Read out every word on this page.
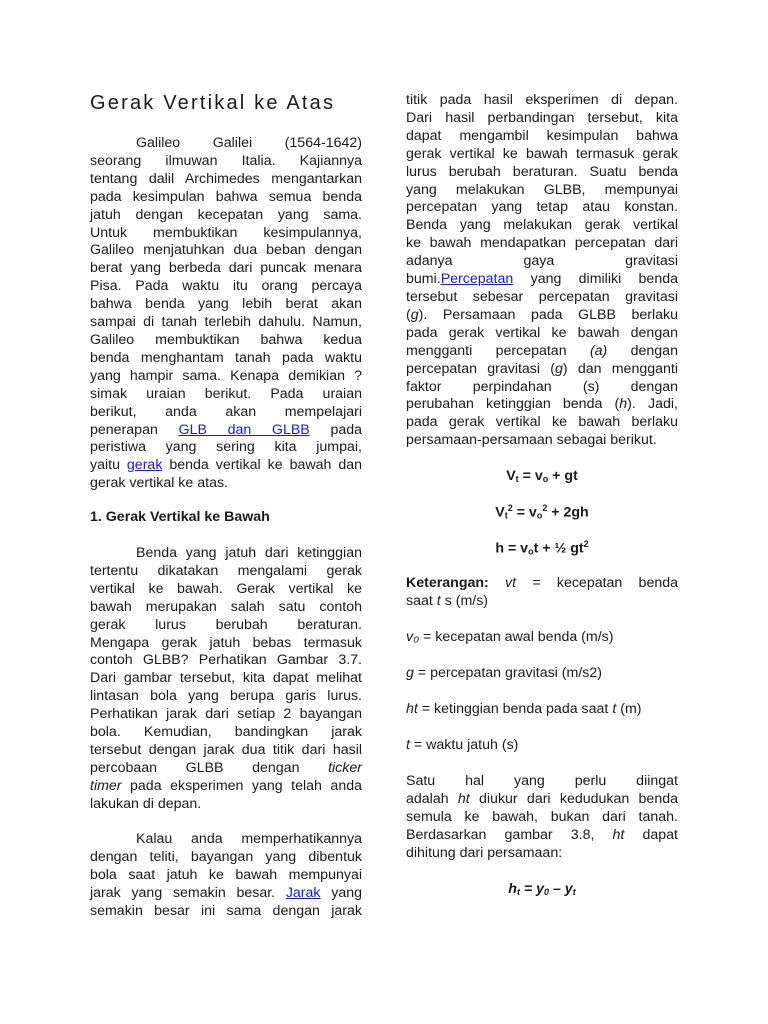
Gerak Vertikal ke Atas
Galileo Galilei (1564-1642)
seorang ilmuwan Italia. Kajiannya
tentang dalil Archimedes mengantarkan
pada kesimpulan bahwa semua benda
jatuh dengan kecepatan yang sama.
Untuk membuktikan kesimpulannya,
Galileo menjatuhkan dua beban dengan
berat yang berbeda dari puncak menara
Pisa. Pada waktu itu orang percaya
bahwa benda yang lebih berat akan
sampai di tanah terlebih dahulu. Namun,
Galileo membuktikan bahwa kedua
benda menghantam tanah pada waktu
yang hampir sama. Kenapa demikian ?
simak uraian berikut. Pada uraian
berikut, anda akan mempelajari
penerapan GLB dan GLBB pada
peristiwa yang sering kita jumpai,
yaitu gerak benda vertikal ke bawah dan
gerak vertikal ke atas.
1. Gerak Vertikal ke Bawah
Benda yang jatuh dari ketinggian
tertentu dikatakan mengalami gerak
vertikal ke bawah. Gerak vertikal ke
bawah merupakan salah satu contoh
gerak lurus berubah beraturan.
Mengapa gerak jatuh bebas termasuk
contoh GLBB? Perhatikan Gambar 3.7.
Dari gambar tersebut, kita dapat melihat
lintasan bola yang berupa garis lurus.
Perhatikan jarak dari setiap 2 bayangan
bola. Kemudian, bandingkan jarak
tersebut dengan jarak dua titik dari hasil
percobaan GLBB dengan ticker
timer pada eksperimen yang telah anda
lakukan di depan.
Kalau anda memperhatikannya
dengan teliti, bayangan yang dibentuk
bola saat jatuh ke bawah mempunyai
jarak yang semakin besar. Jarak yang
semakin besar ini sama dengan jarak
titik pada hasil eksperimen di depan.
Dari hasil perbandingan tersebut, kita
dapat mengambil kesimpulan bahwa
gerak vertikal ke bawah termasuk gerak
lurus berubah beraturan. Suatu benda
yang melakukan GLBB, mempunyai
percepatan yang tetap atau konstan.
Benda yang melakukan gerak vertikal
ke bawah mendapatkan percepatan dari
adanya gaya gravitasi
bumi.Percepatan yang dimiliki benda
tersebut sebesar percepatan gravitasi
(g). Persamaan pada GLBB berlaku
pada gerak vertikal ke bawah dengan
mengganti percepatan (a) dengan
percepatan gravitasi (g) dan mengganti
faktor perpindahan (s) dengan
perubahan ketinggian benda (h). Jadi,
pada gerak vertikal ke bawah berlaku
persamaan-persamaan sebagai berikut.
$V_t = v_o$ + gt
$V_t^2 = v_o^2 + 2gh$
$h = v_ot$ + ½ $gt^2$
Keterangan: vt = kecepatan benda
saat t s (m/s)
v₀ = kecepatan awal benda (m/s)
g = percepatan gravitasi (m/s2)
ht = ketinggian benda pada saat t (m)
t = waktu jatuh (s)
Satu hal yang perlu diingat
adalah ht diukur dari kedudukan benda
semula ke bawah, bukan dari tanah.
Berdasarkan gambar 3.8, ht dapat
dihitung dari persamaan:
$h_t = y_0 - y_t$
